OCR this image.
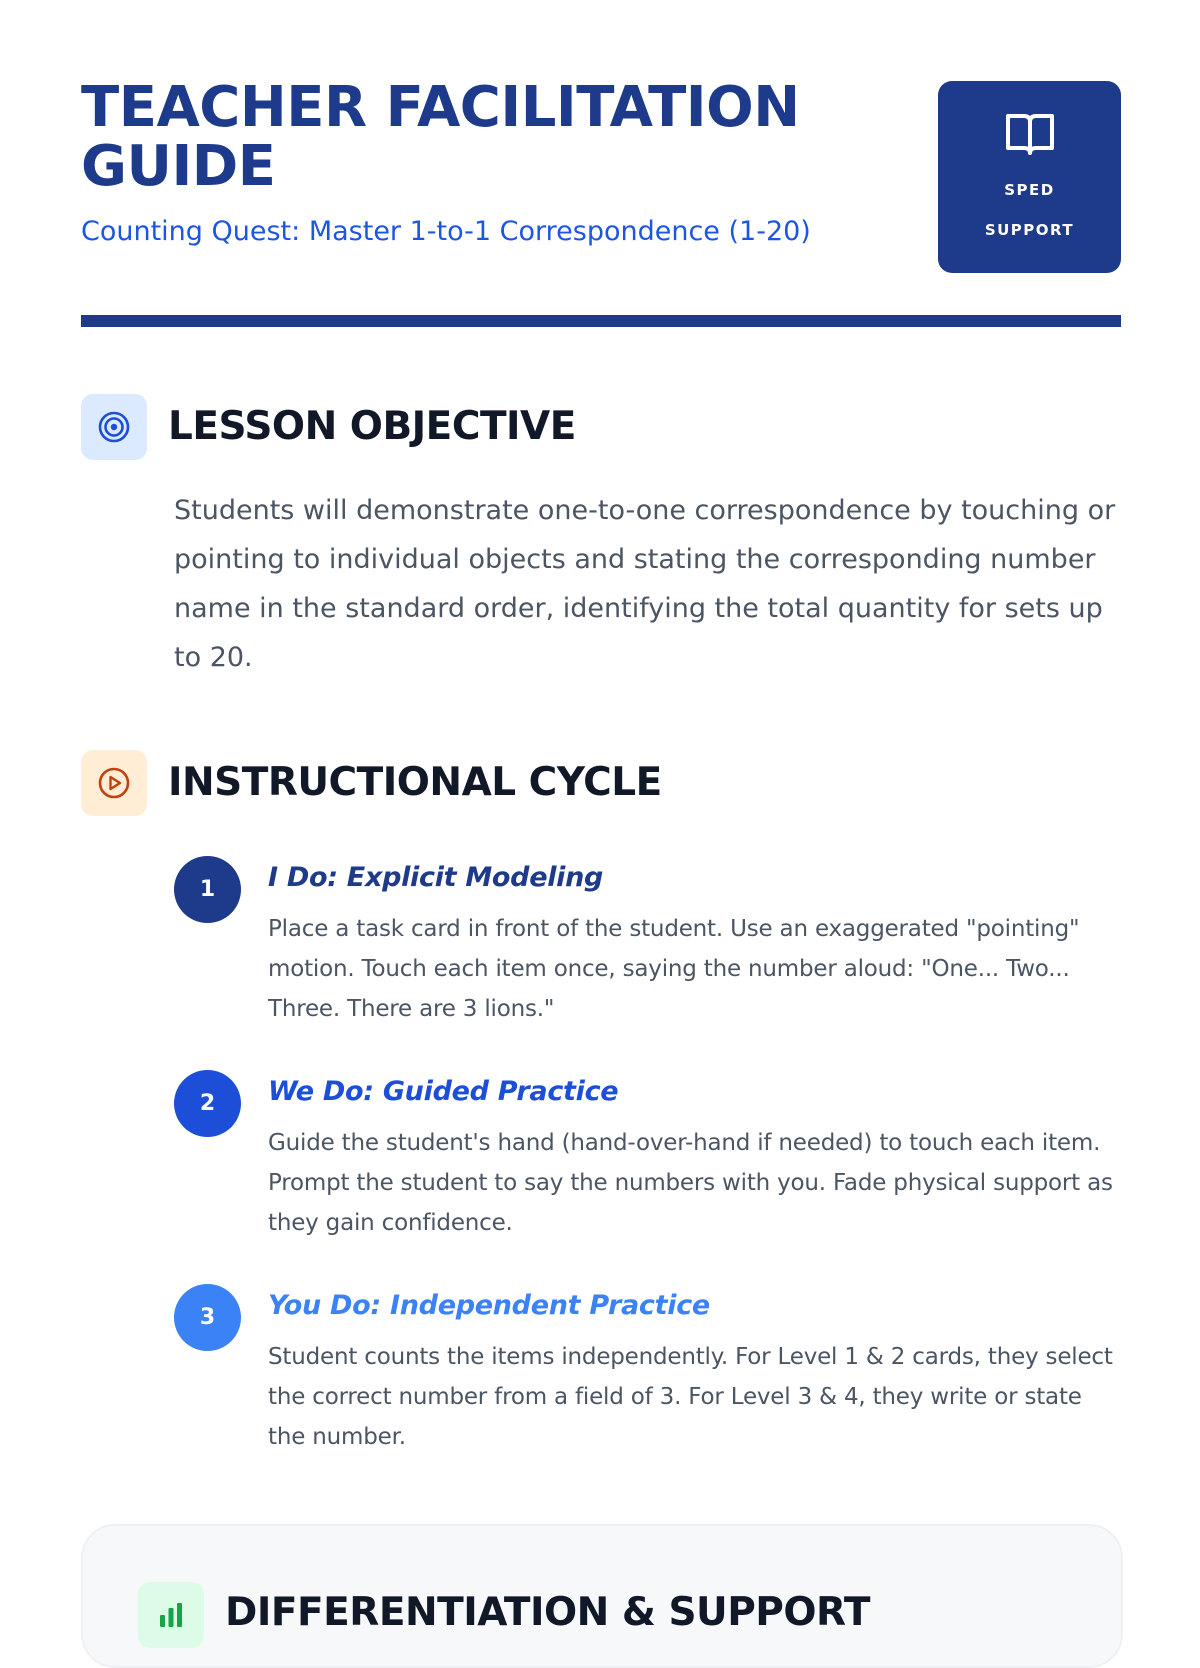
TEACHER FACILITATION GUIDE
Counting Quest: Master 1-to-1 Correspondence (1-20)
SPED
SUPPORT
LESSON OBJECTIVE

Students will demonstrate one-to-one correspondence by touching or pointing to individual objects and stating the corresponding number name in the standard order, identifying the total quantity for sets up to 20.

INSTRUCTIONAL CYCLE
1	I Do: Explicit Modeling

Place a task card in front of the student. Use an exaggerated "pointing" motion. Touch each item once, saying the number aloud: "One... Two... Three. There are 3 lions."

2	We Do: Guided Practice

Guide the student's hand (hand-over-hand if needed) to touch each item. Prompt the student to say the numbers with you. Fade physical support as they gain confidence.

3	You Do: Independent Practice

Student counts the items independently. For Level 1 & 2 cards, they select the correct number from a field of 3. For Level 3 & 4, they write or state the number.

DIFFERENTIATION & SUPPORT
